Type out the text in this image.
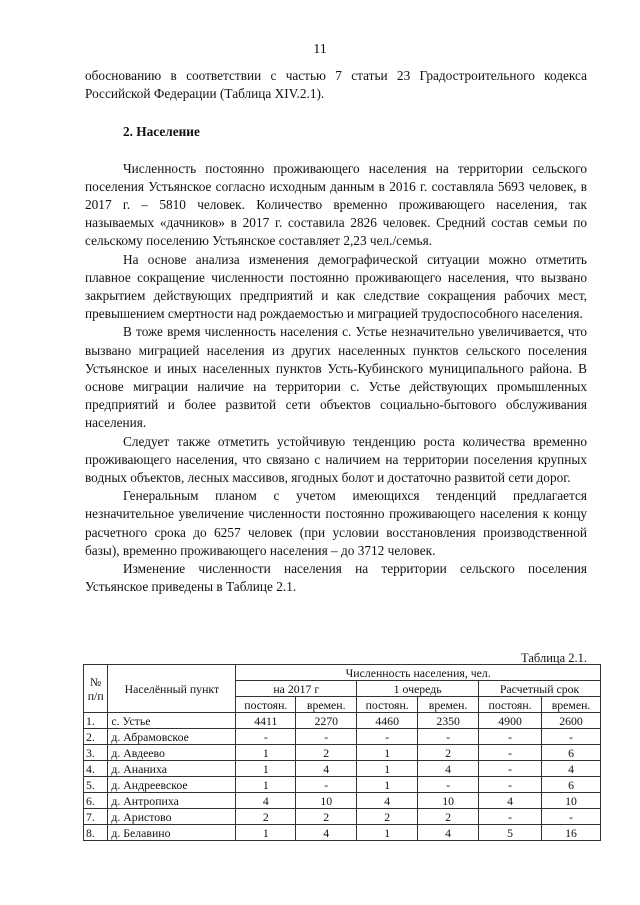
11

обоснованию в соответствии с частью 7 статьи 23 Градостроительного кодекса Российской Федерации (Таблица XIV.2.1).

2. Население

Численность постоянно проживающего населения на территории сельского поселения Устьянское согласно исходным данным в 2016 г. составляла 5693 человек, в 2017 г. – 5810 человек. Количество временно проживающего населения, так называемых «дачников» в 2017 г. составила 2826 человек. Средний состав семьи по сельскому поселению Устьянское составляет 2,23 чел./семья.

На основе анализа изменения демографической ситуации можно отметить плавное сокращение численности постоянно проживающего населения, что вызвано закрытием действующих предприятий и как следствие сокращения рабочих мест, превышением смертности над рождаемостью и миграцией трудоспособного населения.

В тоже время численность населения с. Устье незначительно увеличивается, что вызвано миграцией населения из других населенных пунктов сельского поселения Устьянское и иных населенных пунктов Усть-Кубинского муниципального района. В основе миграции наличие на территории с. Устье действующих промышленных предприятий и более развитой сети объектов социально-бытового обслуживания населения.

Следует также отметить устойчивую тенденцию роста количества временно проживающего населения, что связано с наличием на территории поселения крупных водных объектов, лесных массивов, ягодных болот и достаточно развитой сети дорог.

Генеральным планом с учетом имеющихся тенденций предлагается незначительное увеличение численности постоянно проживающего населения к концу расчетного срока до 6257 человек (при условии восстановления производственной базы), временно проживающего населения – до 3712 человек.

Изменение численности населения на территории сельского поселения Устьянское приведены в Таблице 2.1.

Таблица 2.1.
№ п/п	Населённый пункт	Численность населения, чел.					
		на 2017 г		1 очередь		Расчетный срок	
		постоян.	времен.	постоян.	времен.	постоян.	времен.
1.	с. Устье	4411	2270	4460	2350	4900	2600
2.	д. Абрамовское	-	-	-	-	-	-
3.	д. Авдеево	1	2	1	2	-	6
4.	д. Ананиха	1	4	1	4	-	4
5.	д. Андреевское	1	-	1	-	-	6
6.	д. Антропиха	4	10	4	10	4	10
7.	д. Аристово	2	2	2	2	-	-
8.	д. Белавино	1	4	1	4	5	16
